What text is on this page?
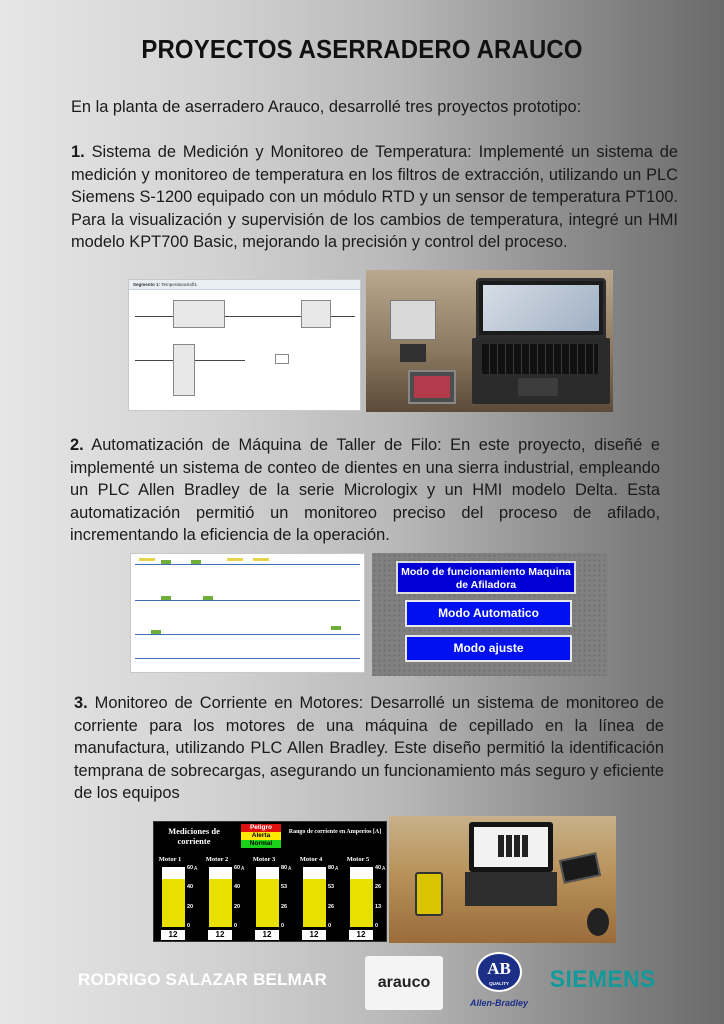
PROYECTOS ASERRADERO ARAUCO

En la planta de aserradero Arauco, desarrollé tres proyectos prototipo:

1. Sistema de Medición y Monitoreo de Temperatura: Implementé un sistema de medición y monitoreo de temperatura en los filtros de extracción, utilizando un PLC Siemens S-1200 equipado con un módulo RTD y un sensor de temperatura PT100. Para la visualización y supervisión de los cambios de temperatura, integré un HMI modelo KPT700 Basic, mejorando la precisión y control del proceso.

Segmento 1: TemperaturaSoft1

2. Automatización de Máquina de Taller de Filo: En este proyecto, diseñé e implementé un sistema de conteo de dientes en una sierra industrial, empleando un PLC Allen Bradley de la serie Micrologix y un HMI modelo Delta. Esta automatización permitió un monitoreo preciso del proceso de afilado, incrementando la eficiencia de la operación.

Modo de funcionamiento Maquina de Afiladora
Modo Automatico
Modo ajuste

3. Monitoreo de Corriente en Motores: Desarrollé un sistema de monitoreo de corriente para los motores de una máquina de cepillado en la línea de manufactura, utilizando PLC Allen Bradley. Este diseño permitió la identificación temprana de sobrecargas, asegurando un funcionamiento más seguro y eficiente de los equipos

Mediciones de corriente
Peligro
Alerta
Normal
Rango de corriente en Amperios [A]
Motor 1
60 A
40
20
0
12
Motor 2
60 A
40
20
0
12
Motor 3
80 A
53
26
0
12
Motor 4
80 A
53
26
0
12
Motor 5
40 A
26
13
0
12
RODRIGO SALAZAR BELMAR	arauco
AB
QUALITY
Allen-Bradley
SIEMENS
